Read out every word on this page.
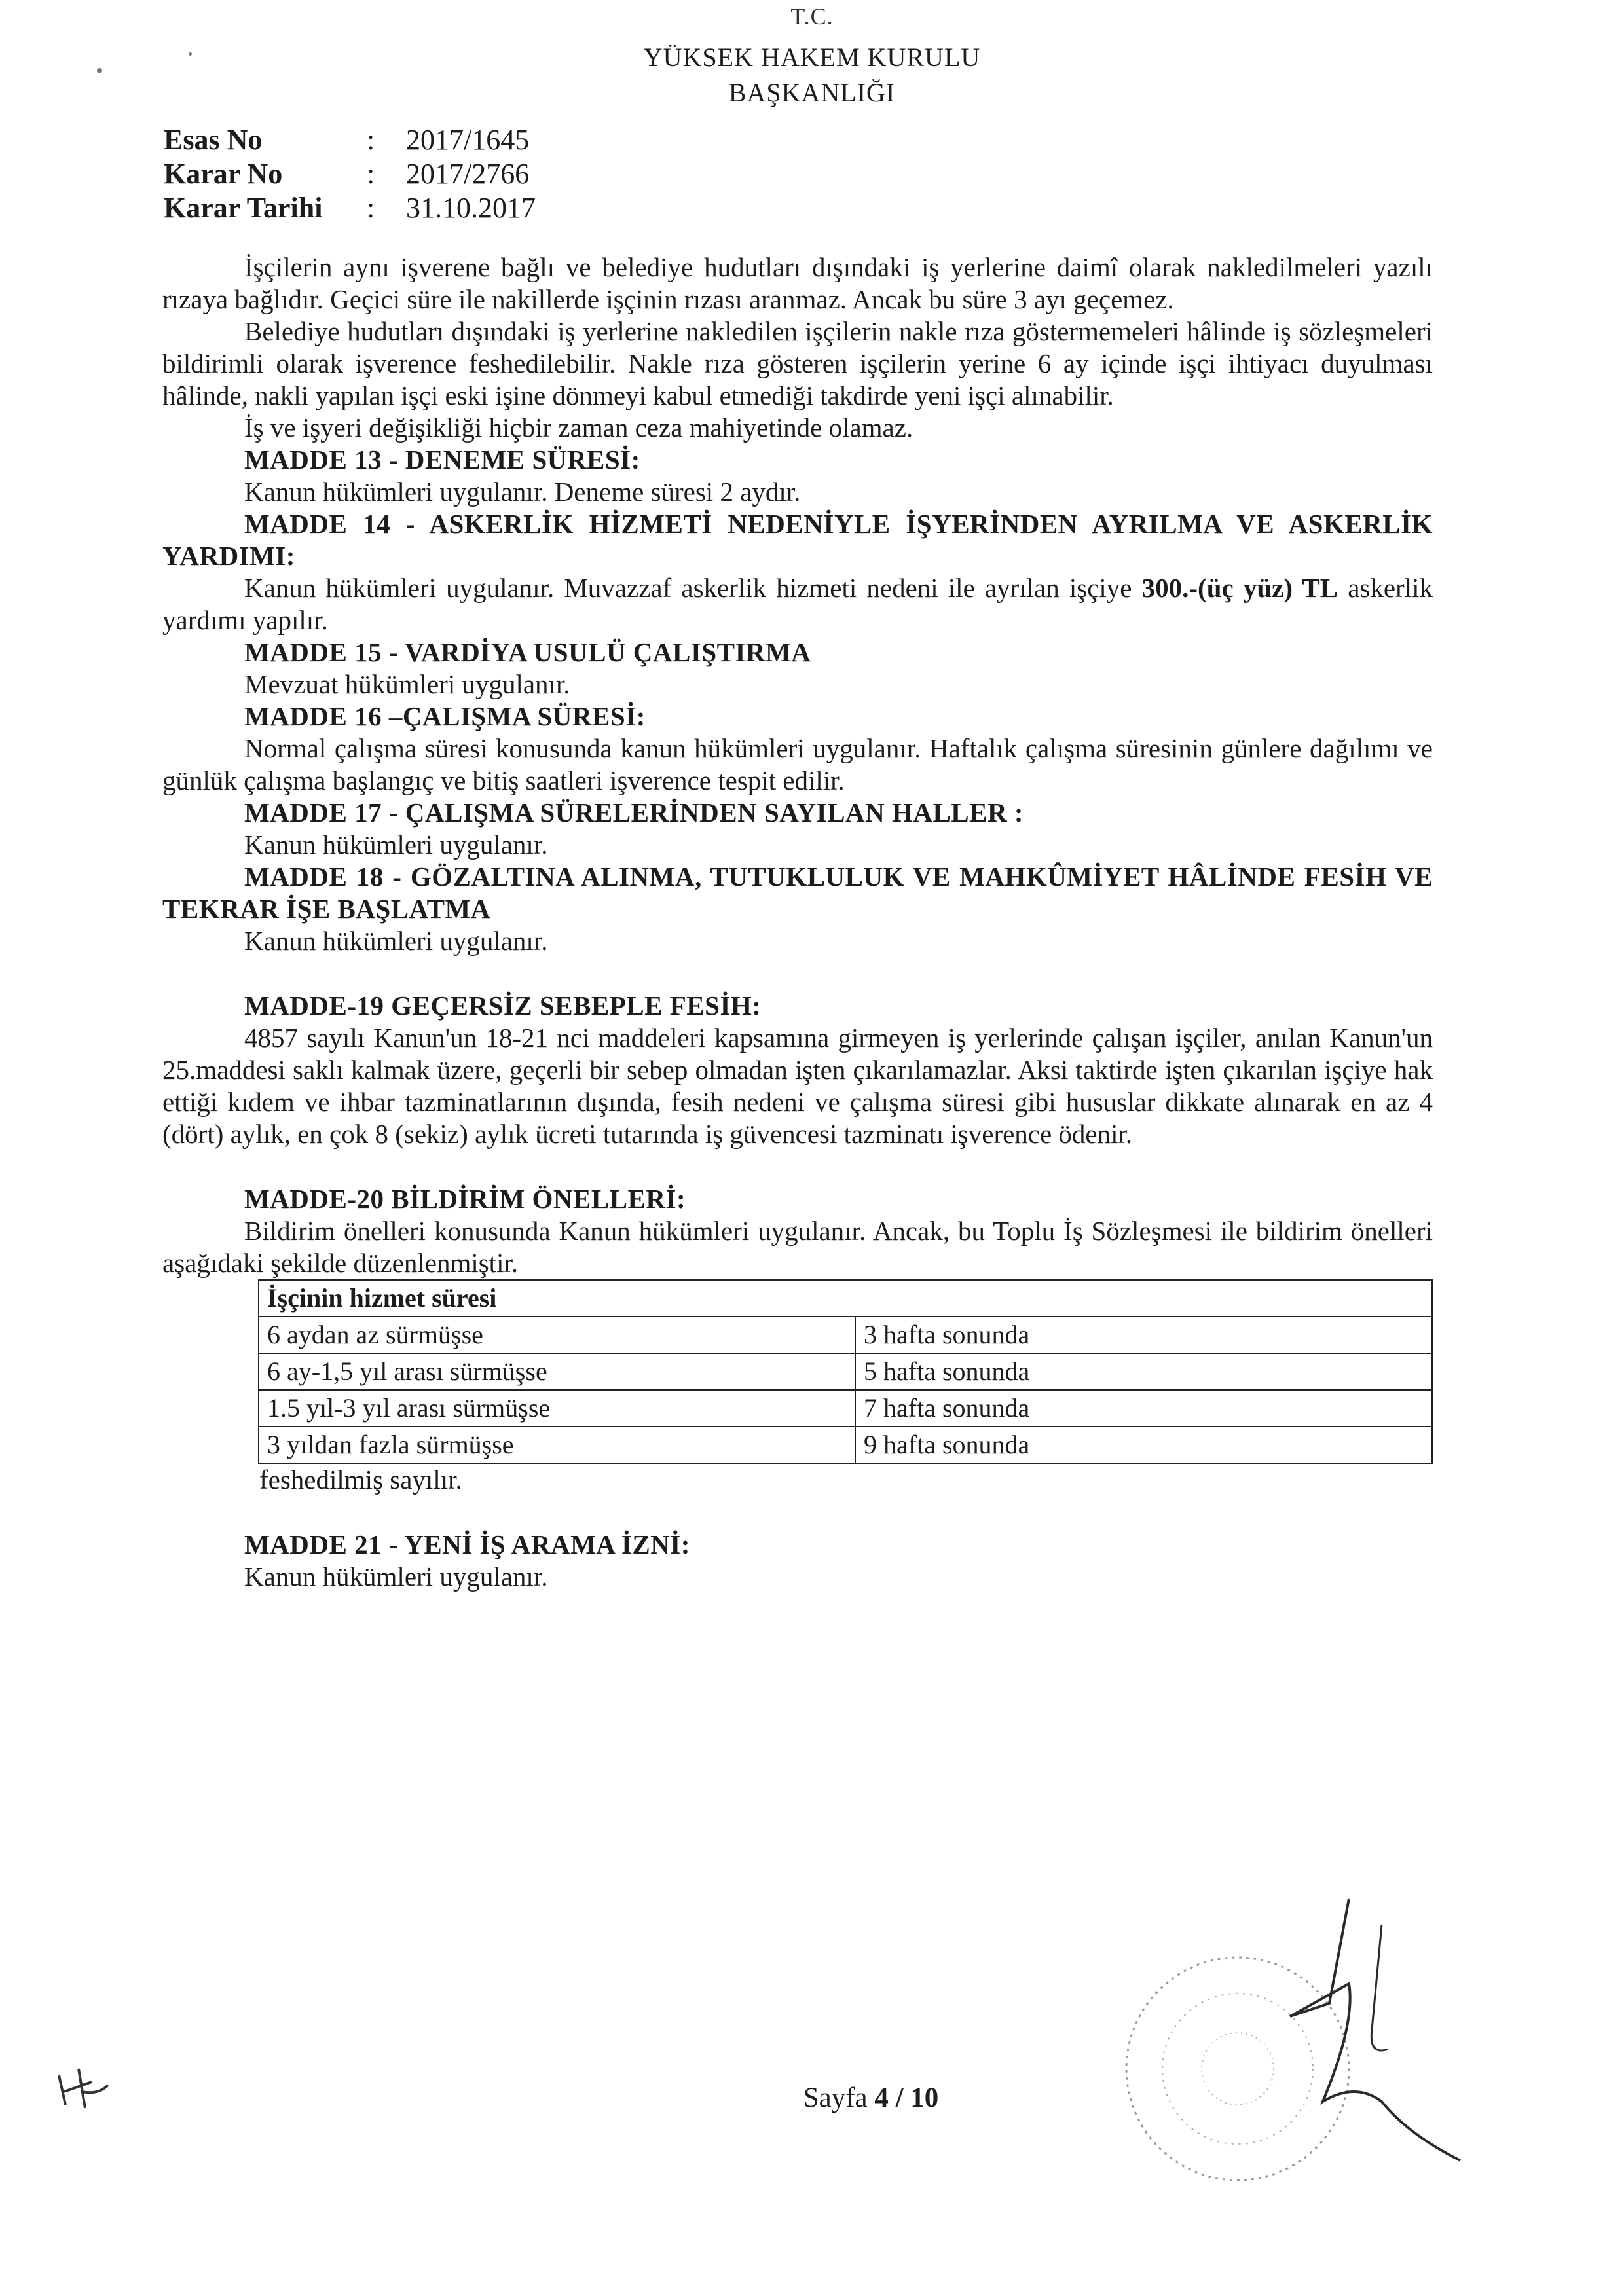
T.C.
YÜKSEK HAKEM KURULU
BAŞKANLIĞI
Esas No	:	2017/1645
Karar No	:	2017/2766
Karar Tarihi	:	31.10.2017

İşçilerin aynı işverene bağlı ve belediye hudutları dışındaki iş yerlerine daimî olarak nakledilmeleri yazılı rızaya bağlıdır. Geçici süre ile nakillerde işçinin rızası aranmaz. Ancak bu süre 3 ayı geçemez.

Belediye hudutları dışındaki iş yerlerine nakledilen işçilerin nakle rıza göstermemeleri hâlinde iş sözleşmeleri bildirimli olarak işverence feshedilebilir. Nakle rıza gösteren işçilerin yerine 6 ay içinde işçi ihtiyacı duyulması hâlinde, nakli yapılan işçi eski işine dönmeyi kabul etmediği takdirde yeni işçi alınabilir.

İş ve işyeri değişikliği hiçbir zaman ceza mahiyetinde olamaz.

MADDE 13 - DENEME SÜRESİ:

Kanun hükümleri uygulanır. Deneme süresi 2 aydır.

MADDE 14 - ASKERLİK HİZMETİ NEDENİYLE İŞYERİNDEN AYRILMA VE ASKERLİK YARDIMI:

Kanun hükümleri uygulanır. Muvazzaf askerlik hizmeti nedeni ile ayrılan işçiye 300.-(üç yüz) TL askerlik yardımı yapılır.

MADDE 15 - VARDİYA USULÜ ÇALIŞTIRMA

Mevzuat hükümleri uygulanır.

MADDE 16 –ÇALIŞMA SÜRESİ:

Normal çalışma süresi konusunda kanun hükümleri uygulanır. Haftalık çalışma süresinin günlere dağılımı ve günlük çalışma başlangıç ve bitiş saatleri işverence tespit edilir.

MADDE 17 - ÇALIŞMA SÜRELERİNDEN SAYILAN HALLER :

Kanun hükümleri uygulanır.

MADDE 18 - GÖZALTINA ALINMA, TUTUKLULUK VE MAHKÛMİYET HÂLİNDE FESİH VE TEKRAR İŞE BAŞLATMA

Kanun hükümleri uygulanır.

MADDE-19 GEÇERSİZ SEBEPLE FESİH:

4857 sayılı Kanun'un 18-21 nci maddeleri kapsamına girmeyen iş yerlerinde çalışan işçiler, anılan Kanun'un 25.maddesi saklı kalmak üzere, geçerli bir sebep olmadan işten çıkarılamazlar. Aksi taktirde işten çıkarılan işçiye hak ettiği kıdem ve ihbar tazminatlarının dışında, fesih nedeni ve çalışma süresi gibi hususlar dikkate alınarak en az 4 (dört) aylık, en çok 8 (sekiz) aylık ücreti tutarında iş güvencesi tazminatı işverence ödenir.

MADDE-20 BİLDİRİM ÖNELLERİ:

Bildirim önelleri konusunda Kanun hükümleri uygulanır. Ancak, bu Toplu İş Sözleşmesi ile bildirim önelleri aşağıdaki şekilde düzenlenmiştir.

İşçinin hizmet süresi	
6 aydan az sürmüşse	3 hafta sonunda
6 ay-1,5 yıl arası sürmüşse	5 hafta sonunda
1.5 yıl-3 yıl arası sürmüşse	7 hafta sonunda
3 yıldan fazla sürmüşse	9 hafta sonunda

feshedilmiş sayılır.

MADDE 21 - YENİ İŞ ARAMA İZNİ:

Kanun hükümleri uygulanır.

Sayfa 4 / 10
